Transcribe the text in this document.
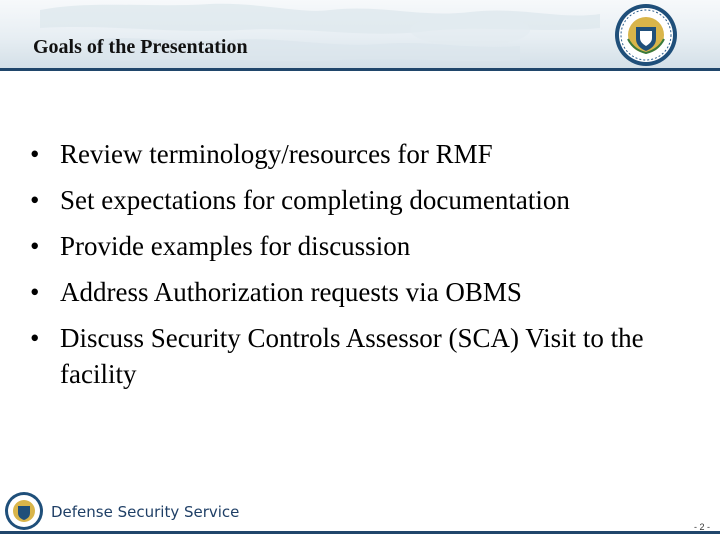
Goals of the Presentation
• Review terminology/resources for RMF
• Set expectations for completing documentation
• Provide examples for discussion
• Address Authorization requests via OBMS
• Discuss Security Controls Assessor (SCA) Visit to the facility
Defense Security Service
- 2 -
